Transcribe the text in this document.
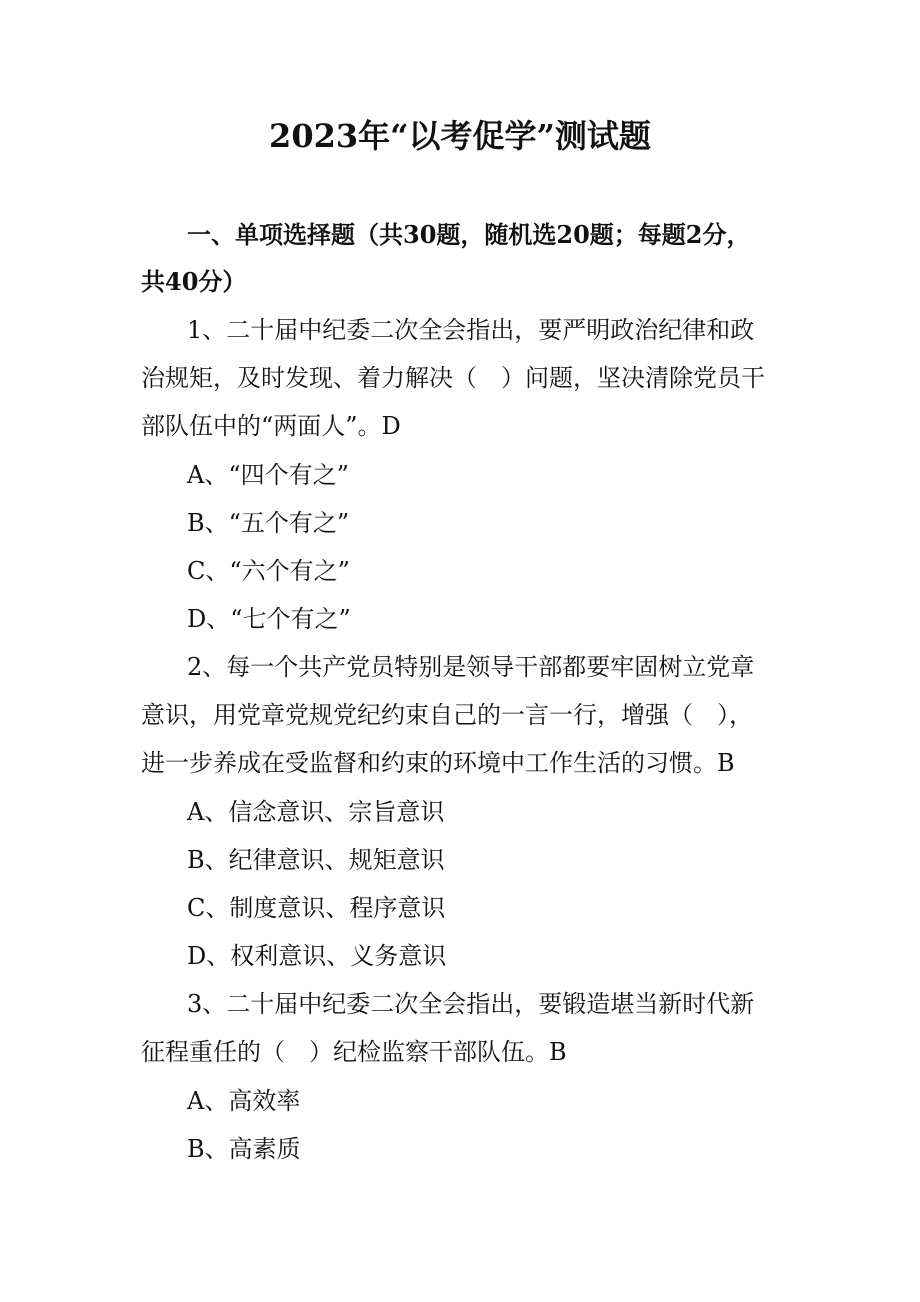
2023年“以考促学”测试题
一、单项选择题（共30题，随机选20题；每题2分，
共40分）
1、二十届中纪委二次全会指出，要严明政治纪律和政
治规矩，及时发现、着力解决（　）问题，坚决清除党员干
部队伍中的“两面人”。D
A、“四个有之”
B、“五个有之”
C、“六个有之”
D、“七个有之”
2、每一个共产党员特别是领导干部都要牢固树立党章
意识，用党章党规党纪约束自己的一言一行，增强（　），
进一步养成在受监督和约束的环境中工作生活的习惯。B
A、信念意识、宗旨意识
B、纪律意识、规矩意识
C、制度意识、程序意识
D、权利意识、义务意识
3、二十届中纪委二次全会指出，要锻造堪当新时代新
征程重任的（　）纪检监察干部队伍。B
A、高效率
B、高素质
